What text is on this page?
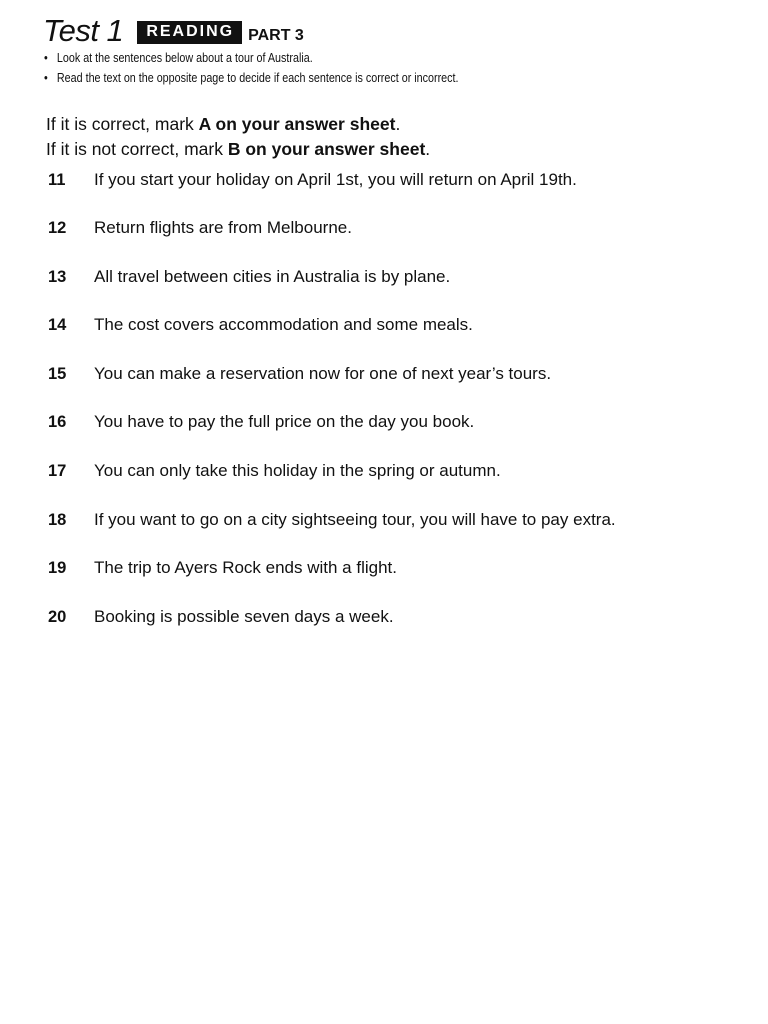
Test 1	READING PART 3
• Look at the sentences below about a tour of Australia.
• Read the text on the opposite page to decide if each sentence is correct or incorrect.
If it is correct, mark A on your answer sheet.
If it is not correct, mark B on your answer sheet.
11 If you start your holiday on April 1st, you will return on April 19th.
12 Return flights are from Melbourne.
13 All travel between cities in Australia is by plane.
14 The cost covers accommodation and some meals.
15 You can make a reservation now for one of next year’s tours.
16 You have to pay the full price on the day you book.
17 You can only take this holiday in the spring or autumn.
18 If you want to go on a city sightseeing tour, you will have to pay extra.
19 The trip to Ayers Rock ends with a flight.
20 Booking is possible seven days a week.
